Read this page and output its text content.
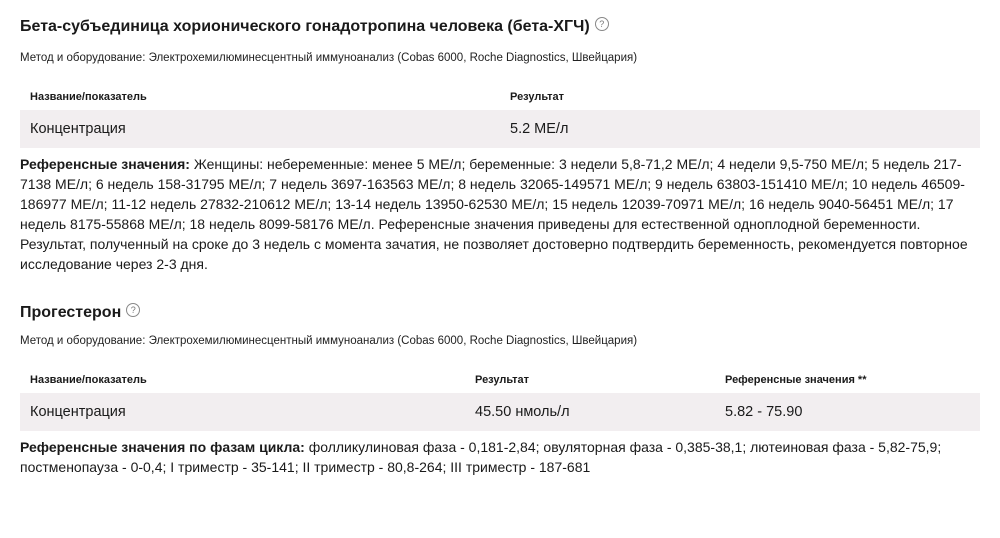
Бета-субъединица хорионического гонадотропина человека (бета-ХГЧ)	?
Метод и оборудование: Электрохемилюминесцентный иммуноанализ (Cobas 6000, Roche Diagnostics, Швейцария)
Название/показатель	Результат
Концентрация	5.2 МЕ/л
Референсные значения: Женщины: небеременные: менее 5 МЕ/л; беременные: 3 недели 5,8-71,2 МЕ/л; 4 недели 9,5-750 МЕ/л; 5 недель 217-7138 МЕ/л; 6 недель 158-31795 МЕ/л; 7 недель 3697-163563 МЕ/л; 8 недель 32065-149571 МЕ/л; 9 недель 63803-151410 МЕ/л; 10 недель 46509-186977 МЕ/л; 11-12 недель 27832-210612 МЕ/л; 13-14 недель 13950-62530 МЕ/л; 15 недель 12039-70971 МЕ/л; 16 недель 9040-56451 МЕ/л; 17 недель 8175-55868 МЕ/л; 18 недель 8099-58176 МЕ/л. Референсные значения приведены для естественной одноплодной беременности. Результат, полученный на сроке до 3 недель с момента зачатия, не позволяет достоверно подтвердить беременность, рекомендуется повторное исследование через 2-3 дня.
Прогестерон	?
Метод и оборудование: Электрохемилюминесцентный иммуноанализ (Cobas 6000, Roche Diagnostics, Швейцария)
Название/показатель	Результат	Референсные значения **
Концентрация	45.50 нмоль/л	5.82 - 75.90
Референсные значения по фазам цикла: фолликулиновая фаза - 0,181-2,84; овуляторная фаза - 0,385-38,1; лютеиновая фаза - 5,82-75,9; постменопауза - 0-0,4; I триместр - 35-141; II триместр - 80,8-264; III триместр - 187-681
